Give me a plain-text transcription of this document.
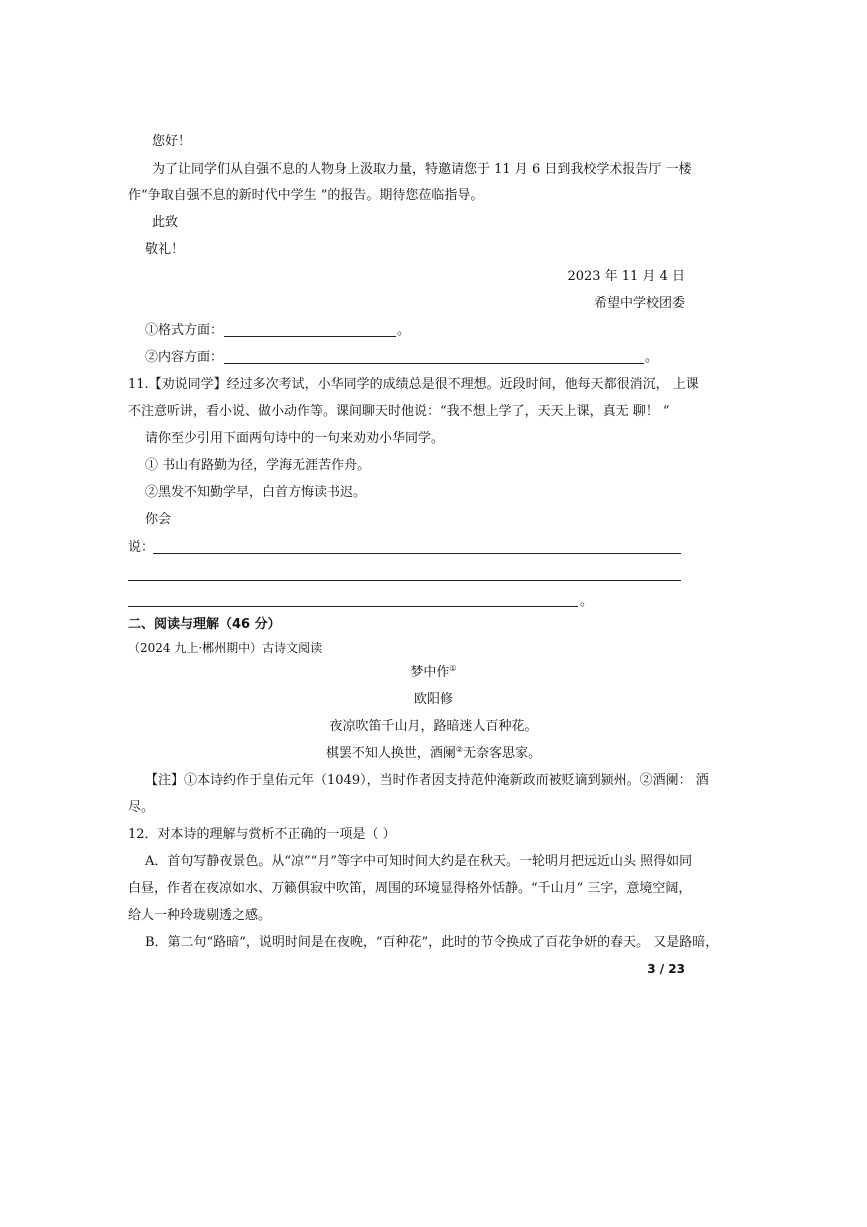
您好！
为了让同学们从自强不息的人物身上汲取力量，特邀请您于 11 月 6 日到我校学术报告厅 一楼
作“争取自强不息的新时代中学生 ”的报告。期待您莅临指导。
此致
敬礼！
2023 年 11 月 4 日
希望中学校团委
①格式方面：	。
②内容方面：	。
11.【劝说同学】经过多次考试，小华同学的成绩总是很不理想。近段时间，他每天都很消沉， 上课
不注意听讲，看小说、做小动作等。课间聊天时他说：“我不想上学了，天天上课，真无 聊！ ”
请你至少引用下面两句诗中的一句来劝劝小华同学。
① 书山有路勤为径，学海无涯苦作舟。
②黑发不知勤学早，白首方悔读书迟。
你会
说：
。
二、阅读与理解（46 分）
（2024 九上·郴州期中）古诗文阅读
梦中作①
欧阳修
夜凉吹笛千山月，路暗迷人百种花。
棋罢不知人换世，酒阑②无奈客思家。
【注】①本诗约作于皇佑元年（1049），当时作者因支持范仲淹新政而被贬谪到颍州。②酒阑： 酒
尽。
12．对本诗的理解与赏析不正确的一项是（ ）
A．首句写静夜景色。从“凉”“月”等字中可知时间大约是在秋天。一轮明月把远近山头 照得如同
白昼，作者在夜凉如水、万籁俱寂中吹笛，周围的环境显得格外恬静。“千山月” 三字，意境空阔，
给人一种玲珑剔透之感。
B．第二句“路暗”，说明时间是在夜晚，“百种花”，此时的节令换成了百花争妍的春天。 又是路暗，
3 / 23
